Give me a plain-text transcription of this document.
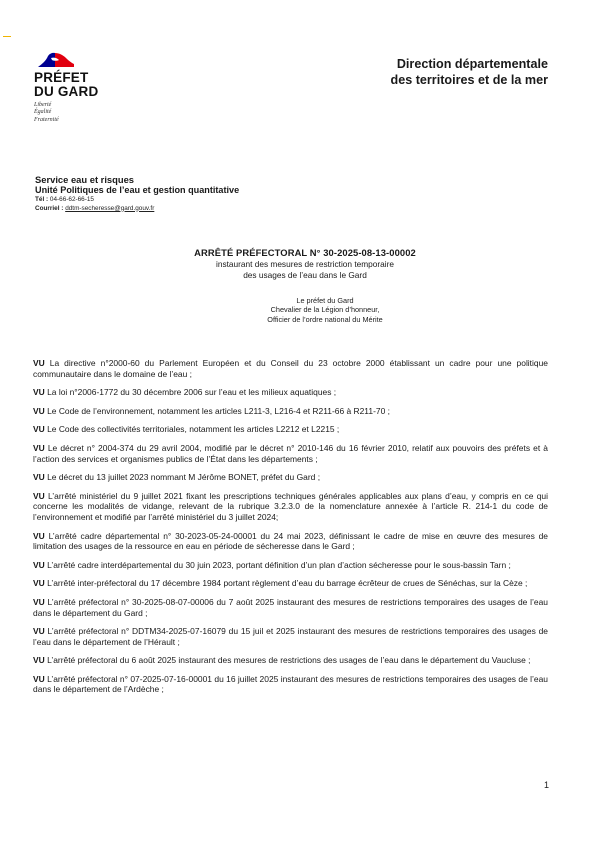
PRÉFET
DU GARD
Liberté
Égalité
Fraternité
Direction départementale
des territoires et de la mer
Service eau et risques
Unité Politiques de l’eau et gestion quantitative
Tél : 04-66-62-66-15
Courriel : ddtm-secheresse@gard.gouv.fr
ARRÊTÉ PRÉFECTORAL N° 30-2025-08-13-00002
instaurant des mesures de restriction temporaire
des usages de l’eau dans le Gard
Le préfet du Gard
Chevalier de la Légion d’honneur,
Officier de l’ordre national du Mérite
VU La directive n°2000-60 du Parlement Européen et du Conseil du 23 octobre 2000 établissant un cadre pour une politique communautaire dans le domaine de l’eau ;
VU La loi n°2006-1772 du 30 décembre 2006 sur l’eau et les milieux aquatiques ;
VU Le Code de l’environnement, notamment les articles L211-3, L216-4 et R211-66 à R211-70 ;
VU Le Code des collectivités territoriales, notamment les articles L2212 et L2215 ;
VU Le décret n° 2004-374 du 29 avril 2004, modifié par le décret n° 2010-146 du 16 février 2010, relatif aux pouvoirs des préfets et à l’action des services et organismes publics de l’État dans les départements ;
VU Le décret du 13 juillet 2023 nommant M Jérôme BONET, préfet du Gard ;
VU L’arrêté ministériel du 9 juillet 2021 fixant les prescriptions techniques générales applicables aux plans d’eau, y compris en ce qui concerne les modalités de vidange, relevant de la rubrique 3.2.3.0 de la nomenclature annexée à l’article R. 214-1 du code de l’environnement et modifié par l’arrêté ministériel du 3 juillet 2024;
VU L’arrêté cadre départemental n° 30-2023-05-24-00001 du 24 mai 2023, définissant le cadre de mise en œuvre des mesures de limitation des usages de la ressource en eau en période de sécheresse dans le Gard ;
VU L’arrêté cadre interdépartemental du 30 juin 2023, portant définition d’un plan d’action sécheresse pour le sous-bassin Tarn ;
VU L’arrêté inter-préfectoral du 17 décembre 1984 portant règlement d’eau du barrage écrêteur de crues de Sénéchas, sur la Cèze ;
VU L’arrêté préfectoral n° 30-2025-08-07-00006 du 7 août 2025 instaurant des mesures de restrictions temporaires des usages de l’eau dans le département du Gard ;
VU L’arrêté préfectoral n° DDTM34-2025-07-16079 du 15 juil et 2025 instaurant des mesures de restrictions temporaires des usages de l’eau dans le département de l’Hérault ;
VU L’arrêté préfectoral du 6 août 2025 instaurant des mesures de restrictions des usages de l’eau dans le département du Vaucluse ;
VU L’arrêté préfectoral n° 07-2025-07-16-00001 du 16 juillet 2025 instaurant des mesures de restrictions temporaires des usages de l’eau dans le département de l’Ardèche ;
1
